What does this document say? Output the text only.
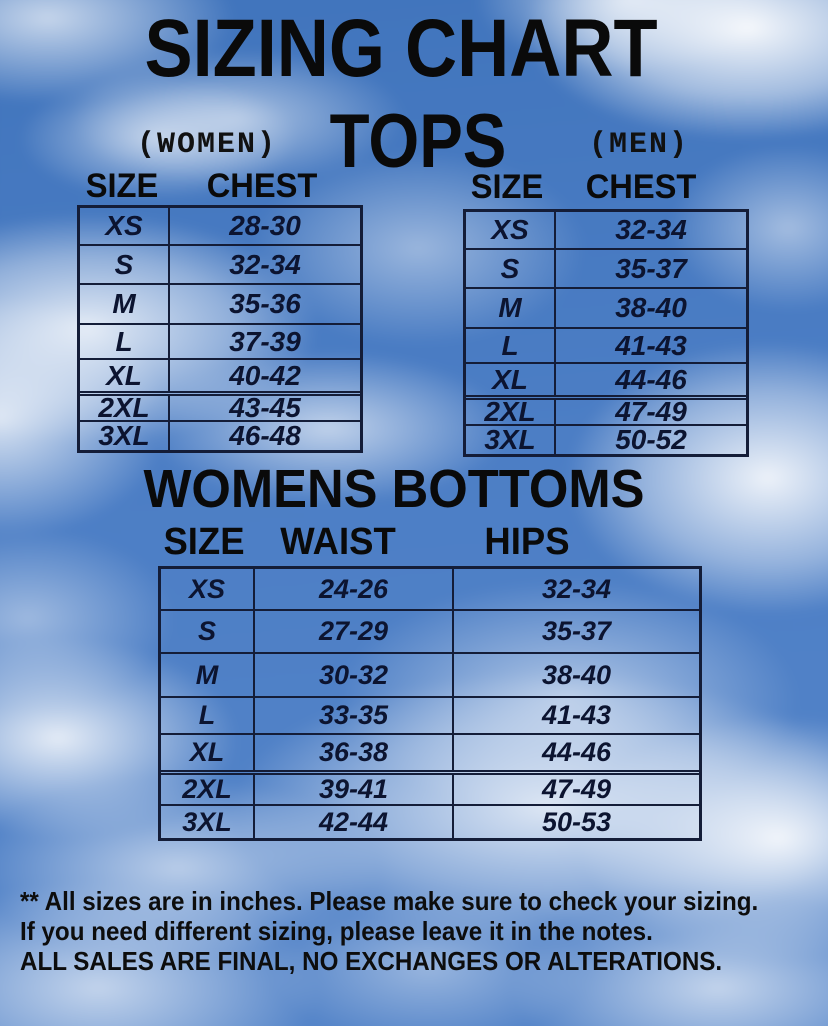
SIZING CHART
TOPS
(WOMEN)	(MEN)
SIZE CHEST	SIZE CHEST
XS	28-30
S	32-34
M	35-36
L	37-39
XL	40-42
2XL	43-45
3XL	46-48
XS	32-34
S	35-37
M	38-40
L	41-43
XL	44-46
2XL	47-49
3XL	50-52
WOMENS BOTTOMS
SIZE WAIST HIPS
XS	24-26	32-34
S	27-29	35-37
M	30-32	38-40
L	33-35	41-43
XL	36-38	44-46
2XL	39-41	47-49
3XL	42-44	50-53
** All sizes are in inches. Please make sure to check your sizing.
If you need different sizing, please leave it in the notes.
ALL SALES ARE FINAL, NO EXCHANGES OR ALTERATIONS.
